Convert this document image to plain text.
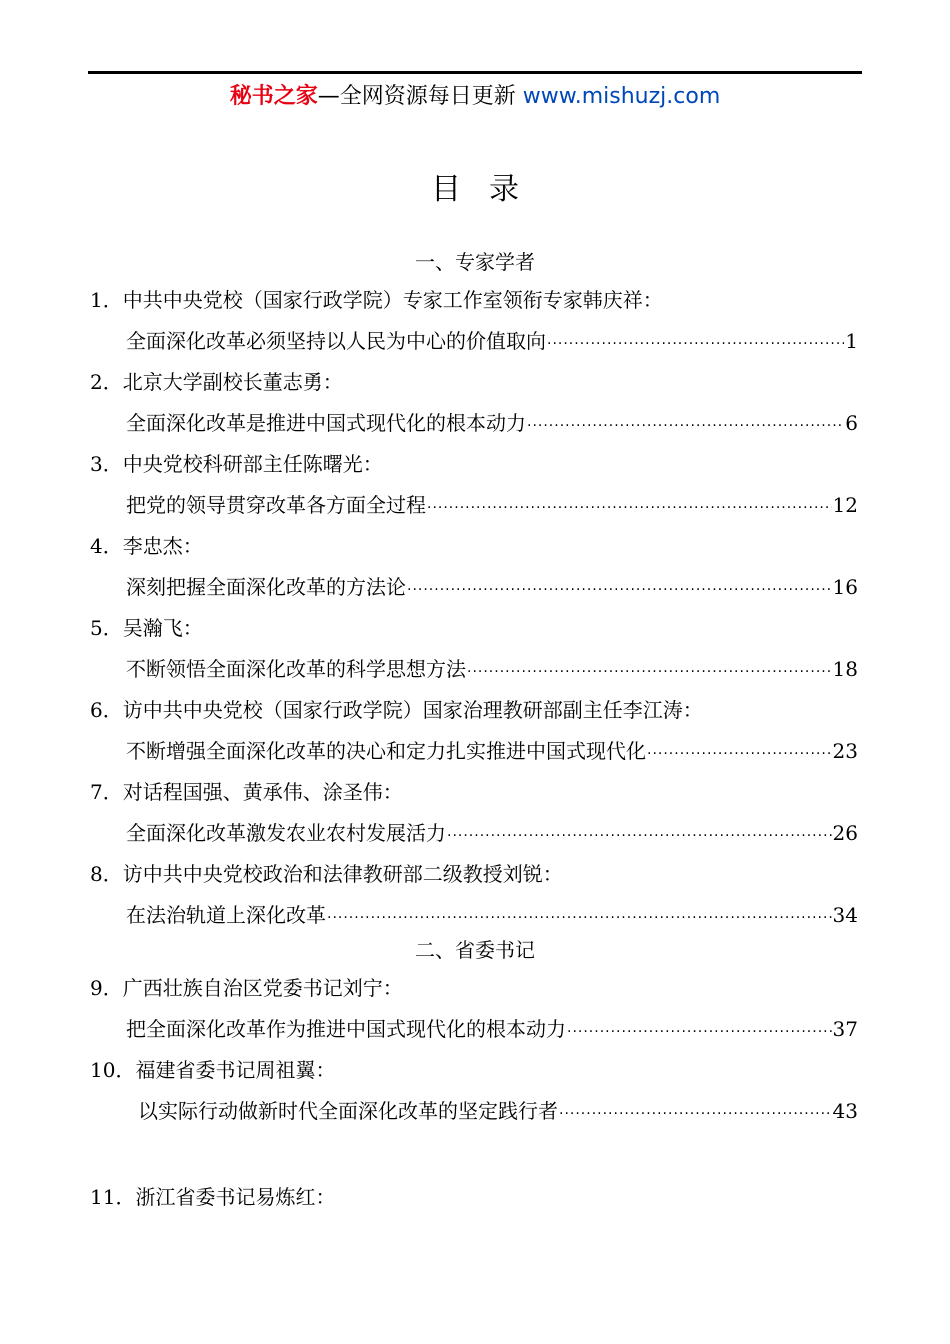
秘书之家—全网资源每日更新 www.mishuzj.com
目录
一、专家学者
1．中共中央党校（国家行政学院）专家工作室领衔专家韩庆祥：
全面深化改革必须坚持以人民为中心的价值取向 ·····	1
2．北京大学副校长董志勇：
全面深化改革是推进中国式现代化的根本动力 ·····	6
3．中央党校科研部主任陈曙光：
把党的领导贯穿改革各方面全过程 ·····	12
4．李忠杰：
深刻把握全面深化改革的方法论 ·····	16
5．吴瀚飞：
不断领悟全面深化改革的科学思想方法 ·····	18
6．访中共中央党校（国家行政学院）国家治理教研部副主任李江涛：
不断增强全面深化改革的决心和定力扎实推进中国式现代化 ·····	23
7．对话程国强、黄承伟、涂圣伟：
全面深化改革激发农业农村发展活力 ·····	26
8．访中共中央党校政治和法律教研部二级教授刘锐：
在法治轨道上深化改革 ·····	34
二、省委书记
9．广西壮族自治区党委书记刘宁：
把全面深化改革作为推进中国式现代化的根本动力 ·····	37
10．福建省委书记周祖翼：
以实际行动做新时代全面深化改革的坚定践行者 ·····	43
11．浙江省委书记易炼红：
